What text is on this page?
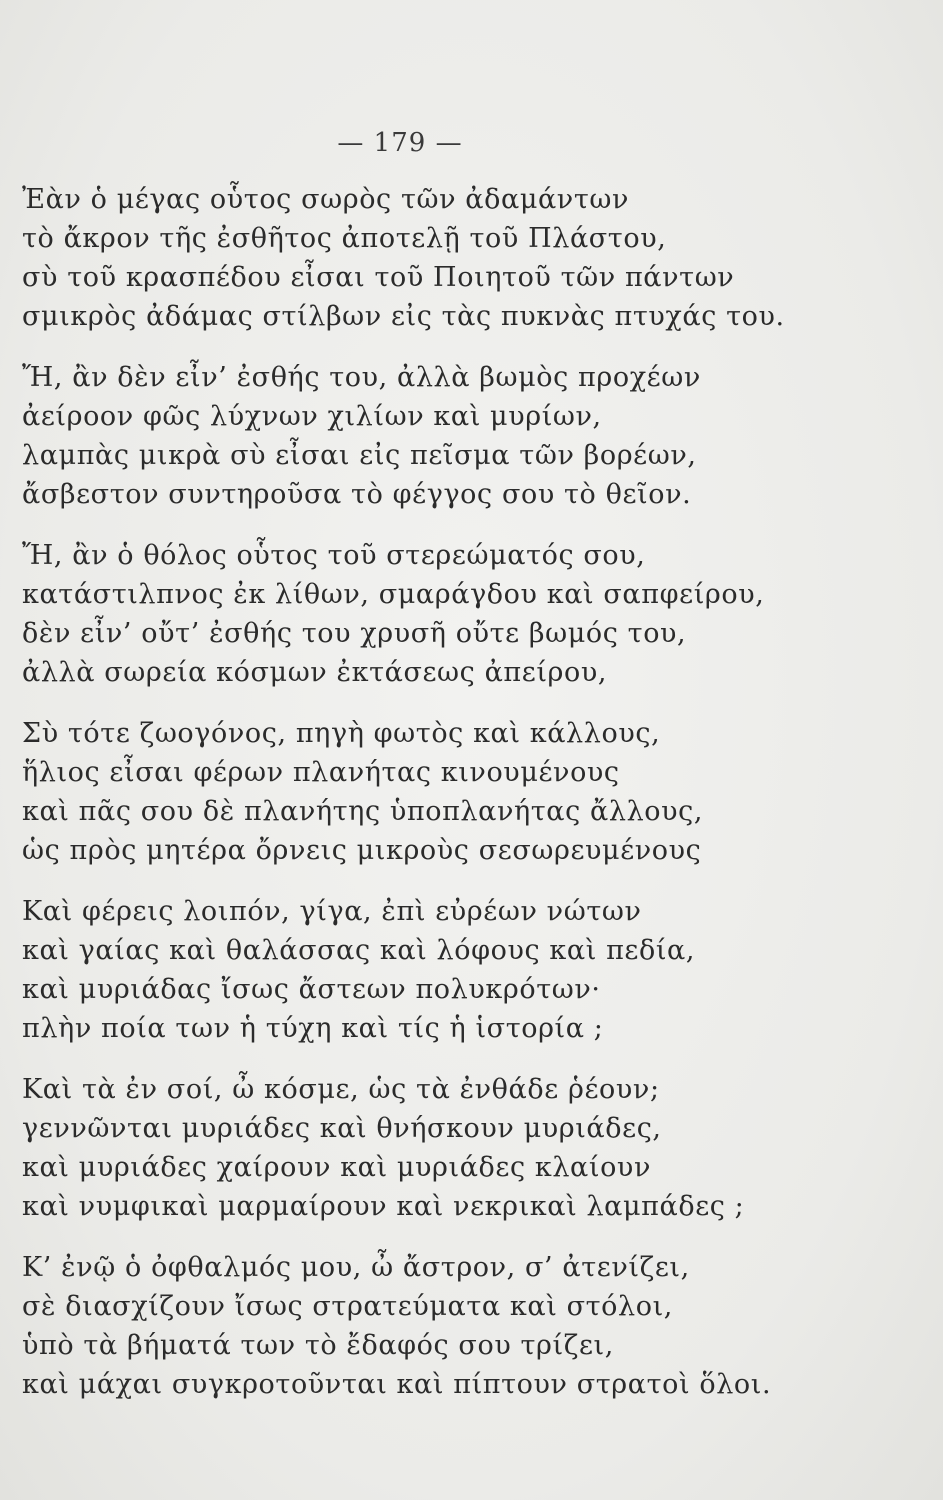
— 179 —
Ἐὰν ὁ μέγας οὗτος σωρὸς τῶν ἀδαμάντων
τὸ ἄκρον τῆς ἐσθῆτος ἀποτελῇ τοῦ Πλάστου,
σὺ τοῦ κρασπέδου εἶσαι τοῦ Ποιητοῦ τῶν πάντων
σμικρὸς ἀδάμας στίλβων εἰς τὰς πυκνὰς πτυχάς του.
Ἤ, ἂν δὲν εἶν’ ἐσθής του, ἀλλὰ βωμὸς προχέων
ἀείροον φῶς λύχνων χιλίων καὶ μυρίων,
λαμπὰς μικρὰ σὺ εἶσαι εἰς πεῖσμα τῶν βορέων,
ἄσβεστον συντηροῦσα τὸ φέγγος σου τὸ θεῖον.
Ἤ, ἂν ὁ θόλος οὗτος τοῦ στερεώματός σου,
κατάστιλπνος ἐκ λίθων, σμαράγδου καὶ σαπφείρου,
δὲν εἶν’ οὔτ’ ἐσθής του χρυσῆ οὔτε βωμός του,
ἀλλὰ σωρεία κόσμων ἐκτάσεως ἀπείρου,
Σὺ τότε ζωογόνος, πηγὴ φωτὸς καὶ κάλλους,
ἥλιος εἶσαι φέρων πλανήτας κινουμένους
καὶ πᾶς σου δὲ πλανήτης ὑποπλανήτας ἄλλους,
ὡς πρὸς μητέρα ὄρνεις μικροὺς σεσωρευμένους
Καὶ φέρεις λοιπόν, γίγα, ἐπὶ εὐρέων νώτων
καὶ γαίας καὶ θαλάσσας καὶ λόφους καὶ πεδία,
καὶ μυριάδας ἴσως ἄστεων πολυκρότων·
πλὴν ποία των ἡ τύχη καὶ τίς ἡ ἱστορία ;
Καὶ τὰ ἐν σοί, ὦ κόσμε, ὡς τὰ ἐνθάδε ῥέουν;
γεννῶνται μυριάδες καὶ θνήσκουν μυριάδες,
καὶ μυριάδες χαίρουν καὶ μυριάδες κλαίουν
καὶ νυμφικαὶ μαρμαίρουν καὶ νεκρικαὶ λαμπάδες ;
Κ’ ἐνῷ ὁ ὀφθαλμός μου, ὦ ἄστρον, σ’ ἀτενίζει,
σὲ διασχίζουν ἴσως στρατεύματα καὶ στόλοι,
ὑπὸ τὰ βήματά των τὸ ἔδαφός σου τρίζει,
καὶ μάχαι συγκροτοῦνται καὶ πίπτουν στρατοὶ ὅλοι.
